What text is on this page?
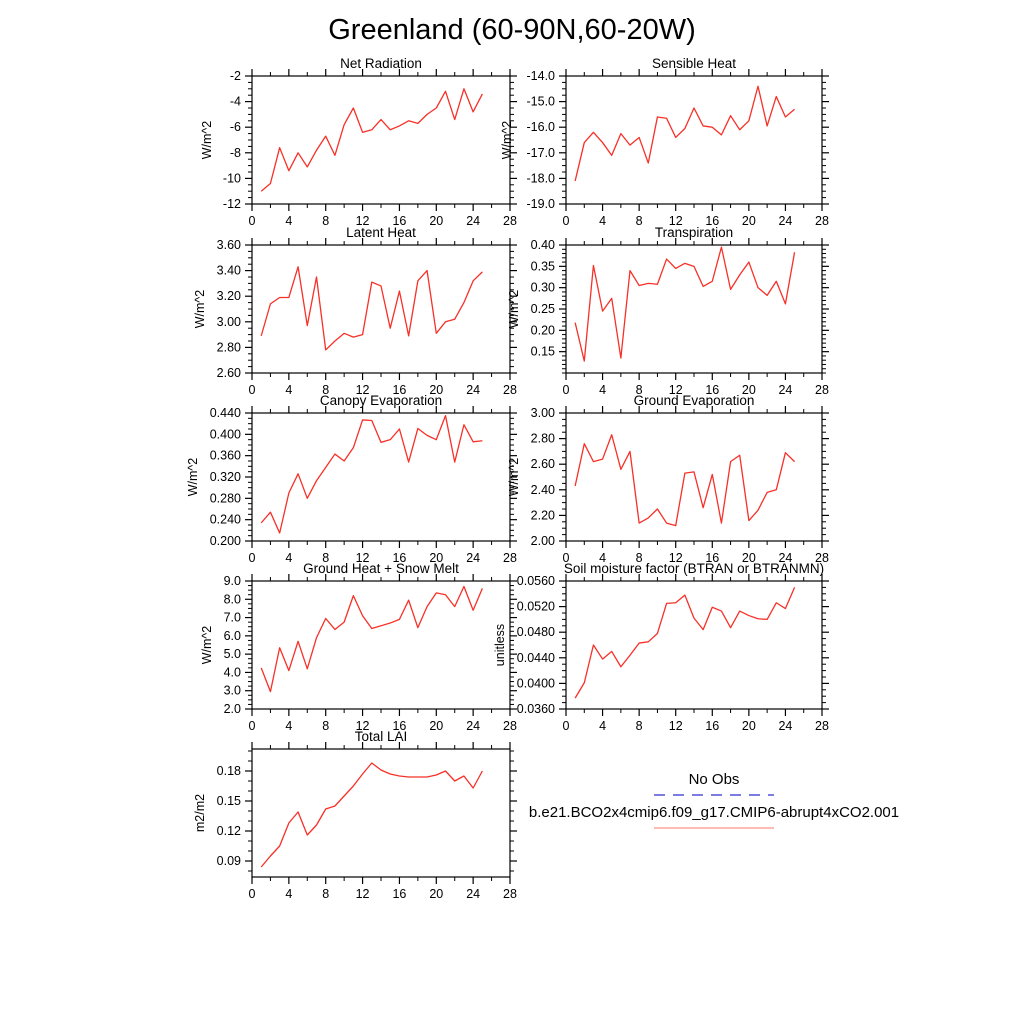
Greenland (60-90N,60-20W)
0 4 8 12 16 20 24 28
-12
-10
-8
-6
-4
-2
Net Radiation
W/m^2
0 4 8 12 16 20 24 28
-19.0
-18.0
-17.0
-16.0
-15.0
-14.0
Sensible Heat
W/m^2
0 4 8 12 16 20 24 28
2.60
2.80
3.00
3.20
3.40
3.60
Latent Heat
W/m^2
0 4 8 12 16 20 24 28
0.15
0.20
0.25
0.30
0.35
0.40
Transpiration
W/m^2
0 4 8 12 16 20 24 28
0.200
0.240
0.280
0.320
0.360
0.400
0.440
Canopy Evaporation
W/m^2
0 4 8 12 16 20 24 28
2.00
2.20
2.40
2.60
2.80
3.00
Ground Evaporation
W/m^2
0 4 8 12 16 20 24 28
2.0
3.0
4.0
5.0
6.0
7.0
8.0
9.0
Ground Heat + Snow Melt
W/m^2
0 4 8 12 16 20 24 28
0.0360
0.0400
0.0440
0.0480
0.0520
0.0560
Soil moisture factor (BTRAN or BTRANMN)
unitless
0 4 8 12 16 20 24 28
0.09
0.12
0.15
0.18
Total LAI
m2/m2
No Obs
b.e21.BCO2x4cmip6.f09_g17.CMIP6-abrupt4xCO2.001
